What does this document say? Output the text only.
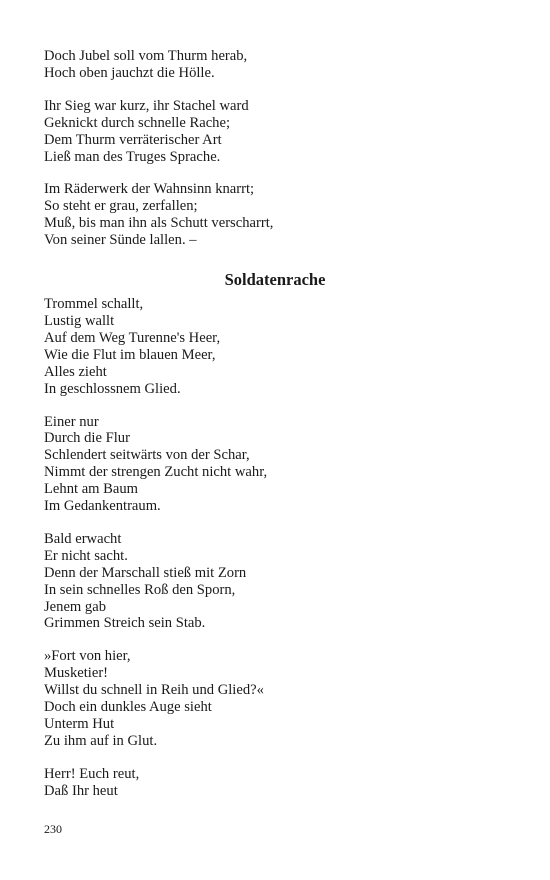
Doch Jubel soll vom Thurm herab,
Hoch oben jauchzt die Hölle.
Ihr Sieg war kurz, ihr Stachel ward
Geknickt durch schnelle Rache;
Dem Thurm verräterischer Art
Ließ man des Truges Sprache.
Im Räderwerk der Wahnsinn knarrt;
So steht er grau, zerfallen;
Muß, bis man ihn als Schutt verscharrt,
Von seiner Sünde lallen. –
Soldatenrache
Trommel schallt,
Lustig wallt
Auf dem Weg Turenne's Heer,
Wie die Flut im blauen Meer,
Alles zieht
In geschlossnem Glied.
Einer nur
Durch die Flur
Schlendert seitwärts von der Schar,
Nimmt der strengen Zucht nicht wahr,
Lehnt am Baum
Im Gedankentraum.
Bald erwacht
Er nicht sacht.
Denn der Marschall stieß mit Zorn
In sein schnelles Roß den Sporn,
Jenem gab
Grimmen Streich sein Stab.
»Fort von hier,
Musketier!
Willst du schnell in Reih und Glied?«
Doch ein dunkles Auge sieht
Unterm Hut
Zu ihm auf in Glut.
Herr! Euch reut,
Daß Ihr heut
230
